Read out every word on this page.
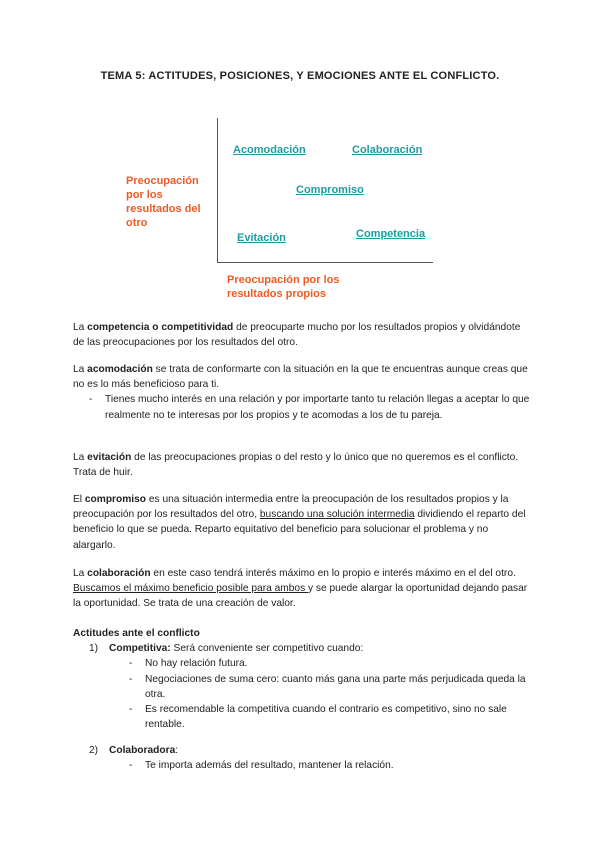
TEMA 5: ACTITUDES, POSICIONES, Y EMOCIONES ANTE EL CONFLICTO.
Acomodación	Colaboración
Compromiso
Evitación	Competencia
Preocupación por los resultados del otro
Preocupación por los
resultados propios

La competencia o competitividad de preocuparte mucho por los resultados propios y olvidándote de las preocupaciones por los resultados del otro.

La acomodación se trata de conformarte con la situación en la que te encuentras aunque creas que no es lo más beneficioso para ti.

- Tienes mucho interés en una relación y por importarte tanto tu relación llegas a aceptar lo que realmente no te interesas por los propios y te acomodas a los de tu pareja.

La evitación de las preocupaciones propias o del resto y lo único que no queremos es el conflicto. Trata de huir.

El compromiso es una situación intermedia entre la preocupación de los resultados propios y la preocupación por los resultados del otro, buscando una solución intermedia dividiendo el reparto del beneficio lo que se pueda. Reparto equitativo del beneficio para solucionar el problema y no alargarlo.

La colaboración en este caso tendrá interés máximo en lo propio e interés máximo en el del otro. Buscamos el máximo beneficio posible para ambos y se puede alargar la oportunidad dejando pasar la oportunidad. Se trata de una creación de valor.

Actitudes ante el conflicto

1) Competitiva: Será conveniente ser competitivo cuando:
- No hay relación futura.
- Negociaciones de suma cero: cuanto más gana una parte más perjudicada queda la otra.
- Es recomendable la competitiva cuando el contrario es competitivo, sino no sale rentable.
2) Colaboradora:
- Te importa además del resultado, mantener la relación.
